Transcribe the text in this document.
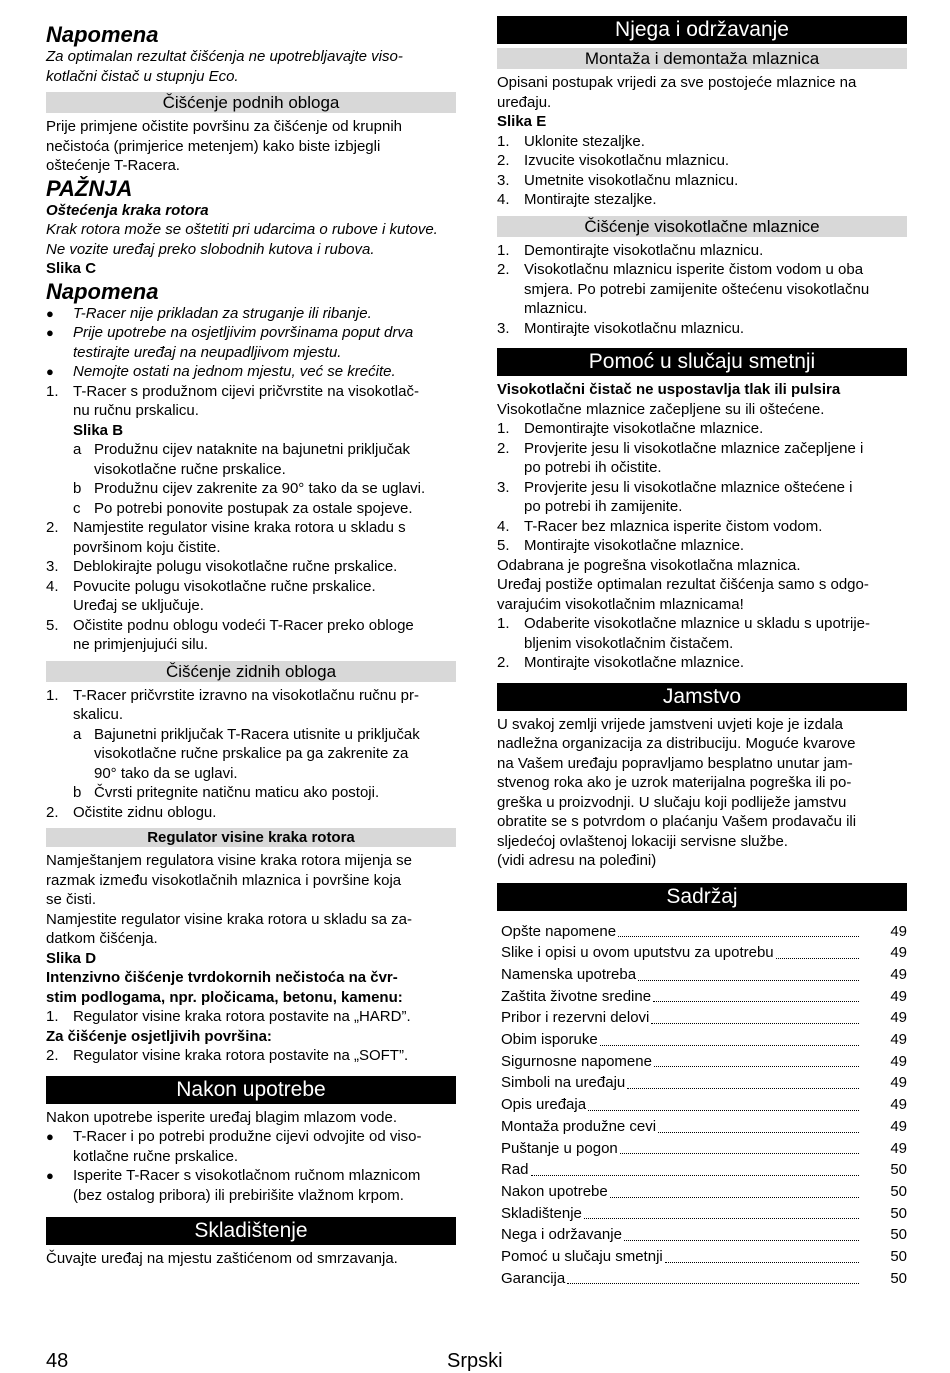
Napomena
Za optimalan rezultat čišćenja ne upotrebljavajte viso-
kotlačni čistač u stupnju Eco.
Čišćenje podnih obloga
Prije primjene očistite površinu za čišćenje od krupnih
nečistoća (primjerice metenjem) kako biste izbjegli
oštećenje T-Racera.
PAŽNJA
Oštećenja kraka rotora
Krak rotora može se oštetiti pri udarcima o rubove i kutove.
Ne vozite uređaj preko slobodnih kutova i rubova.
Slika C
Napomena
● T-Racer nije prikladan za struganje ili ribanje.
● Prije upotrebe na osjetljivim površinama poput drva testirajte uređaj na neupadljivom mjestu.
● Nemojte ostati na jednom mjestu, već se krećite.
1. T-Racer s produžnom cijevi pričvrstite na visokotlač-
nu ručnu prskalicu.
Slika B
a Produžnu cijev nataknite na bajunetni priključak
visokotlačne ručne prskalice.
b Produžnu cijev zakrenite za 90° tako da se uglavi.
c Po potrebi ponovite postupak za ostale spojeve.
2. Namjestite regulator visine kraka rotora u skladu s
površinom koju čistite.
3. Deblokirajte polugu visokotlačne ručne prskalice.
4. Povucite polugu visokotlačne ručne prskalice.
Uređaj se uključuje.
5. Očistite podnu oblogu vodeći T-Racer preko obloge
ne primjenjujući silu.
Čišćenje zidnih obloga
1. T-Racer pričvrstite izravno na visokotlačnu ručnu pr-
skalicu.
a Bajunetni priključak T-Racera utisnite u priključak
visokotlačne ručne prskalice pa ga zakrenite za
90° tako da se uglavi.
b Čvrsti pritegnite natičnu maticu ako postoji.
2. Očistite zidnu oblogu.
Regulator visine kraka rotora
Namještanjem regulatora visine kraka rotora mijenja se
razmak između visokotlačnih mlaznica i površine koja
se čisti.
Namjestite regulator visine kraka rotora u skladu sa za-
datkom čišćenja.
Slika D
Intenzivno čišćenje tvrdokornih nečistoća na čvr-
stim podlogama, npr. pločicama, betonu, kamenu:
1. Regulator visine kraka rotora postavite na „HARD”.
Za čišćenje osjetljivih površina:
2. Regulator visine kraka rotora postavite na „SOFT”.
Nakon upotrebe
Nakon upotrebe isperite uređaj blagim mlazom vode.
● T-Racer i po potrebi produžne cijevi odvojite od viso-
kotlačne ručne prskalice.
● Isperite T-Racer s visokotlačnom ručnom mlaznicom
(bez ostalog pribora) ili prebirišite vlažnom krpom.
Skladištenje
Čuvajte uređaj na mjestu zaštićenom od smrzavanja.
Njega i održavanje
Montaža i demontaža mlaznica
Opisani postupak vrijedi za sve postojeće mlaznice na
uređaju.
Slika E
1. Uklonite stezaljke.
2. Izvucite visokotlačnu mlaznicu.
3. Umetnite visokotlačnu mlaznicu.
4. Montirajte stezaljke.
Čišćenje visokotlačne mlaznice
1. Demontirajte visokotlačnu mlaznicu.
2. Visokotlačnu mlaznicu isperite čistom vodom u oba
smjera. Po potrebi zamijenite oštećenu visokotlačnu
mlaznicu.
3. Montirajte visokotlačnu mlaznicu.
Pomoć u slučaju smetnji
Visokotlačni čistač ne uspostavlja tlak ili pulsira
Visokotlačne mlaznice začepljene su ili oštećene.
1. Demontirajte visokotlačne mlaznice.
2. Provjerite jesu li visokotlačne mlaznice začepljene i
po potrebi ih očistite.
3. Provjerite jesu li visokotlačne mlaznice oštećene i
po potrebi ih zamijenite.
4. T-Racer bez mlaznica isperite čistom vodom.
5. Montirajte visokotlačne mlaznice.
Odabrana je pogrešna visokotlačna mlaznica.
Uređaj postiže optimalan rezultat čišćenja samo s odgo-
varajućim visokotlačnim mlaznicama!
1. Odaberite visokotlačne mlaznice u skladu s upotrije-
bljenim visokotlačnim čistačem.
2. Montirajte visokotlačne mlaznice.
Jamstvo
U svakoj zemlji vrijede jamstveni uvjeti koje je izdala
nadležna organizacija za distribuciju. Moguće kvarove
na Vašem uređaju popravljamo besplatno unutar jam-
stvenog roka ako je uzrok materijalna pogreška ili po-
greška u proizvodnji. U slučaju koji podliježe jamstvu
obratite se s potvrdom o plaćanju Vašem prodavaču ili
sljedećoj ovlaštenoj lokaciji servisne službe.
(vidi adresu na poleđini)
Sadržaj
Opšte napomene	49
Slike i opisi u ovom uputstvu za upotrebu	49
Namenska upotreba	49
Zaštita životne sredine	49
Pribor i rezervni delovi	49
Obim isporuke	49
Sigurnosne napomene	49
Simboli na uređaju	49
Opis uređaja	49
Montaža produžne cevi	49
Puštanje u pogon	49
Rad	50
Nakon upotrebe	50
Skladištenje	50
Nega i održavanje	50
Pomoć u slučaju smetnji	50
Garancija	50
48	Srpski
